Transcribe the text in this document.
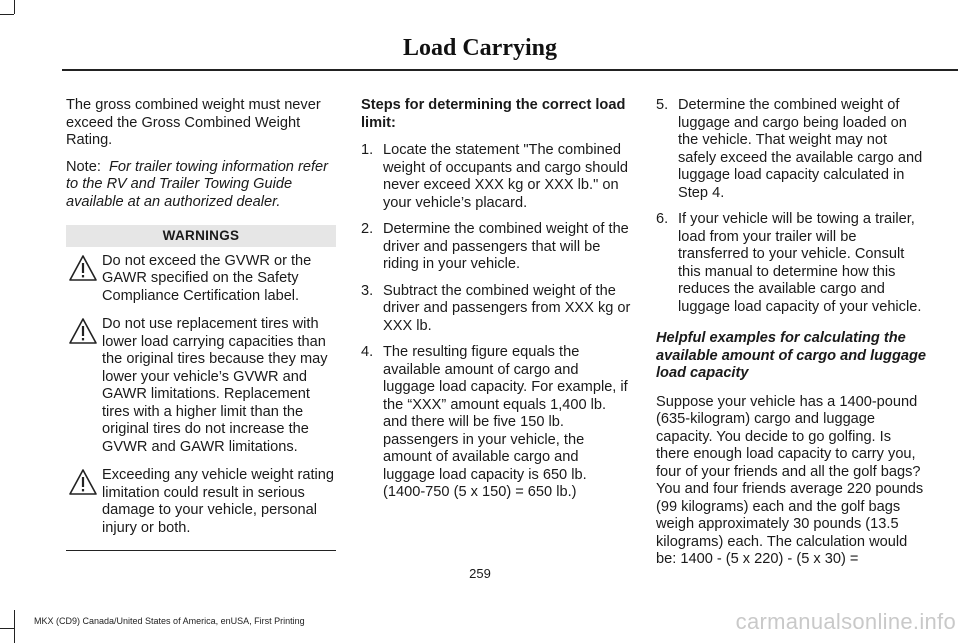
Load Carrying

The gross combined weight must never exceed the Gross Combined Weight Rating.

Note: For trailer towing information refer to the RV and Trailer Towing Guide available at an authorized dealer.

WARNINGS
Do not exceed the GVWR or the GAWR specified on the Safety Compliance Certification label.
Do not use replacement tires with lower load carrying capacities than the original tires because they may lower your vehicle’s GVWR and GAWR limitations. Replacement tires with a higher limit than the original tires do not increase the GVWR and GAWR limitations.
Exceeding any vehicle weight rating limitation could result in serious damage to your vehicle, personal injury or both.

Steps for determining the correct load limit:

1. Locate the statement "The combined weight of occupants and cargo should never exceed XXX kg or XXX lb." on your vehicle’s placard.
2. Determine the combined weight of the driver and passengers that will be riding in your vehicle.
3. Subtract the combined weight of the driver and passengers from XXX kg or XXX lb.
4. The resulting figure equals the available amount of cargo and luggage load capacity. For example, if the “XXX” amount equals 1,400 lb. and there will be five 150 lb. passengers in your vehicle, the amount of available cargo and luggage load capacity is 650 lb. (1400-750 (5 x 150) = 650 lb.)
5. Determine the combined weight of luggage and cargo being loaded on the vehicle. That weight may not safely exceed the available cargo and luggage load capacity calculated in Step 4.
6. If your vehicle will be towing a trailer, load from your trailer will be transferred to your vehicle. Consult this manual to determine how this reduces the available cargo and luggage load capacity of your vehicle.

Helpful examples for calculating the available amount of cargo and luggage load capacity

Suppose your vehicle has a 1400-pound (635-kilogram) cargo and luggage capacity. You decide to go golfing. Is there enough load capacity to carry you, four of your friends and all the golf bags? You and four friends average 220 pounds (99 kilograms) each and the golf bags weigh approximately 30 pounds (13.5 kilograms) each. The calculation would be: 1400 - (5 x 220) - (5 x 30) =

259
MKX (CD9) Canada/United States of America, enUSA, First Printing	carmanualsonline.info
